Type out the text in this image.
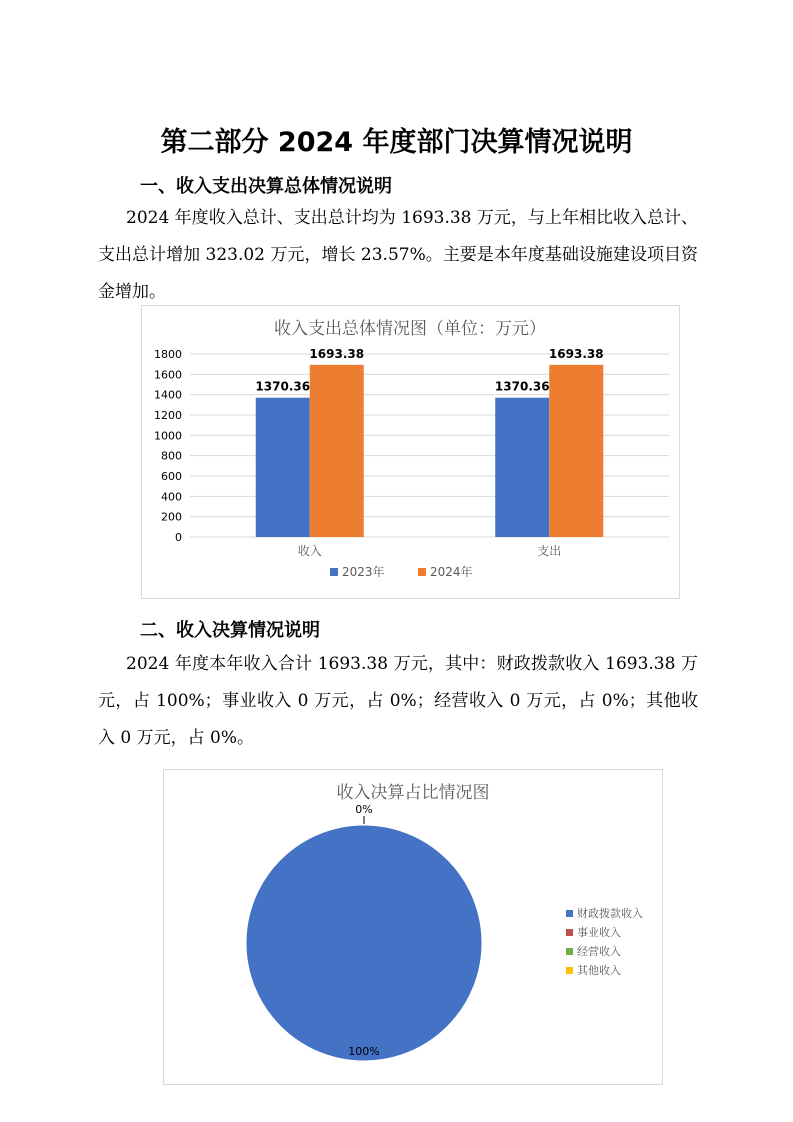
第二部分 2024 年度部门决算情况说明
一、收入支出决算总体情况说明
2024 年度收入总计、支出总计均为 1693.38 万元，与上年相比收入总计、支出总计增加 323.02 万元，增长 23.57%。主要是本年度基础设施建设项目资金增加。
收入支出总体情况图（单位：万元）
0
200
400
600
800
1000
1200
1400
1600
1800
1370.36
1693.38
收入
1370.36
1693.38
支出
2023年	2024年
二、收入决算情况说明
2024 年度本年收入合计 1693.38 万元，其中：财政拨款收入 1693.38 万元，占 100%；事业收入 0 万元，占 0%；经营收入 0 万元，占 0%；其他收入 0 万元，占 0%。
收入决算占比情况图
0%
100%
财政拨款收入
事业收入
经营收入
其他收入
